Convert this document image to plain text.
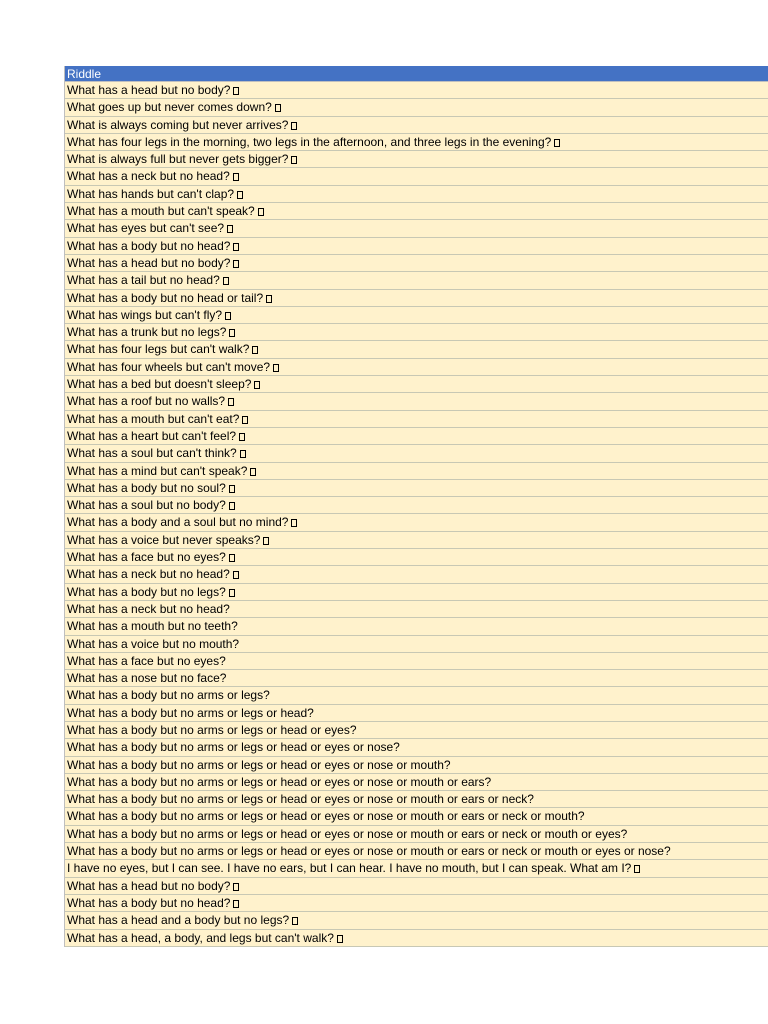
Riddle
What has a head but no body?
What goes up but never comes down?
What is always coming but never arrives?
What has four legs in the morning, two legs in the afternoon, and three legs in the evening?
What is always full but never gets bigger?
What has a neck but no head?
What has hands but can't clap?
What has a mouth but can't speak?
What has eyes but can't see?
What has a body but no head?
What has a head but no body?
What has a tail but no head?
What has a body but no head or tail?
What has wings but can't fly?
What has a trunk but no legs?
What has four legs but can't walk?
What has four wheels but can't move?
What has a bed but doesn't sleep?
What has a roof but no walls?
What has a mouth but can't eat?
What has a heart but can't feel?
What has a soul but can't think?
What has a mind but can't speak?
What has a body but no soul?
What has a soul but no body?
What has a body and a soul but no mind?
What has a voice but never speaks?
What has a face but no eyes?
What has a neck but no head?
What has a body but no legs?
What has a neck but no head?
What has a mouth but no teeth?
What has a voice but no mouth?
What has a face but no eyes?
What has a nose but no face?
What has a body but no arms or legs?
What has a body but no arms or legs or head?
What has a body but no arms or legs or head or eyes?
What has a body but no arms or legs or head or eyes or nose?
What has a body but no arms or legs or head or eyes or nose or mouth?
What has a body but no arms or legs or head or eyes or nose or mouth or ears?
What has a body but no arms or legs or head or eyes or nose or mouth or ears or neck?
What has a body but no arms or legs or head or eyes or nose or mouth or ears or neck or mouth?
What has a body but no arms or legs or head or eyes or nose or mouth or ears or neck or mouth or eyes?
What has a body but no arms or legs or head or eyes or nose or mouth or ears or neck or mouth or eyes or nose?
I have no eyes, but I can see. I have no ears, but I can hear. I have no mouth, but I can speak. What am I?
What has a head but no body?
What has a body but no head?
What has a head and a body but no legs?
What has a head, a body, and legs but can't walk?
